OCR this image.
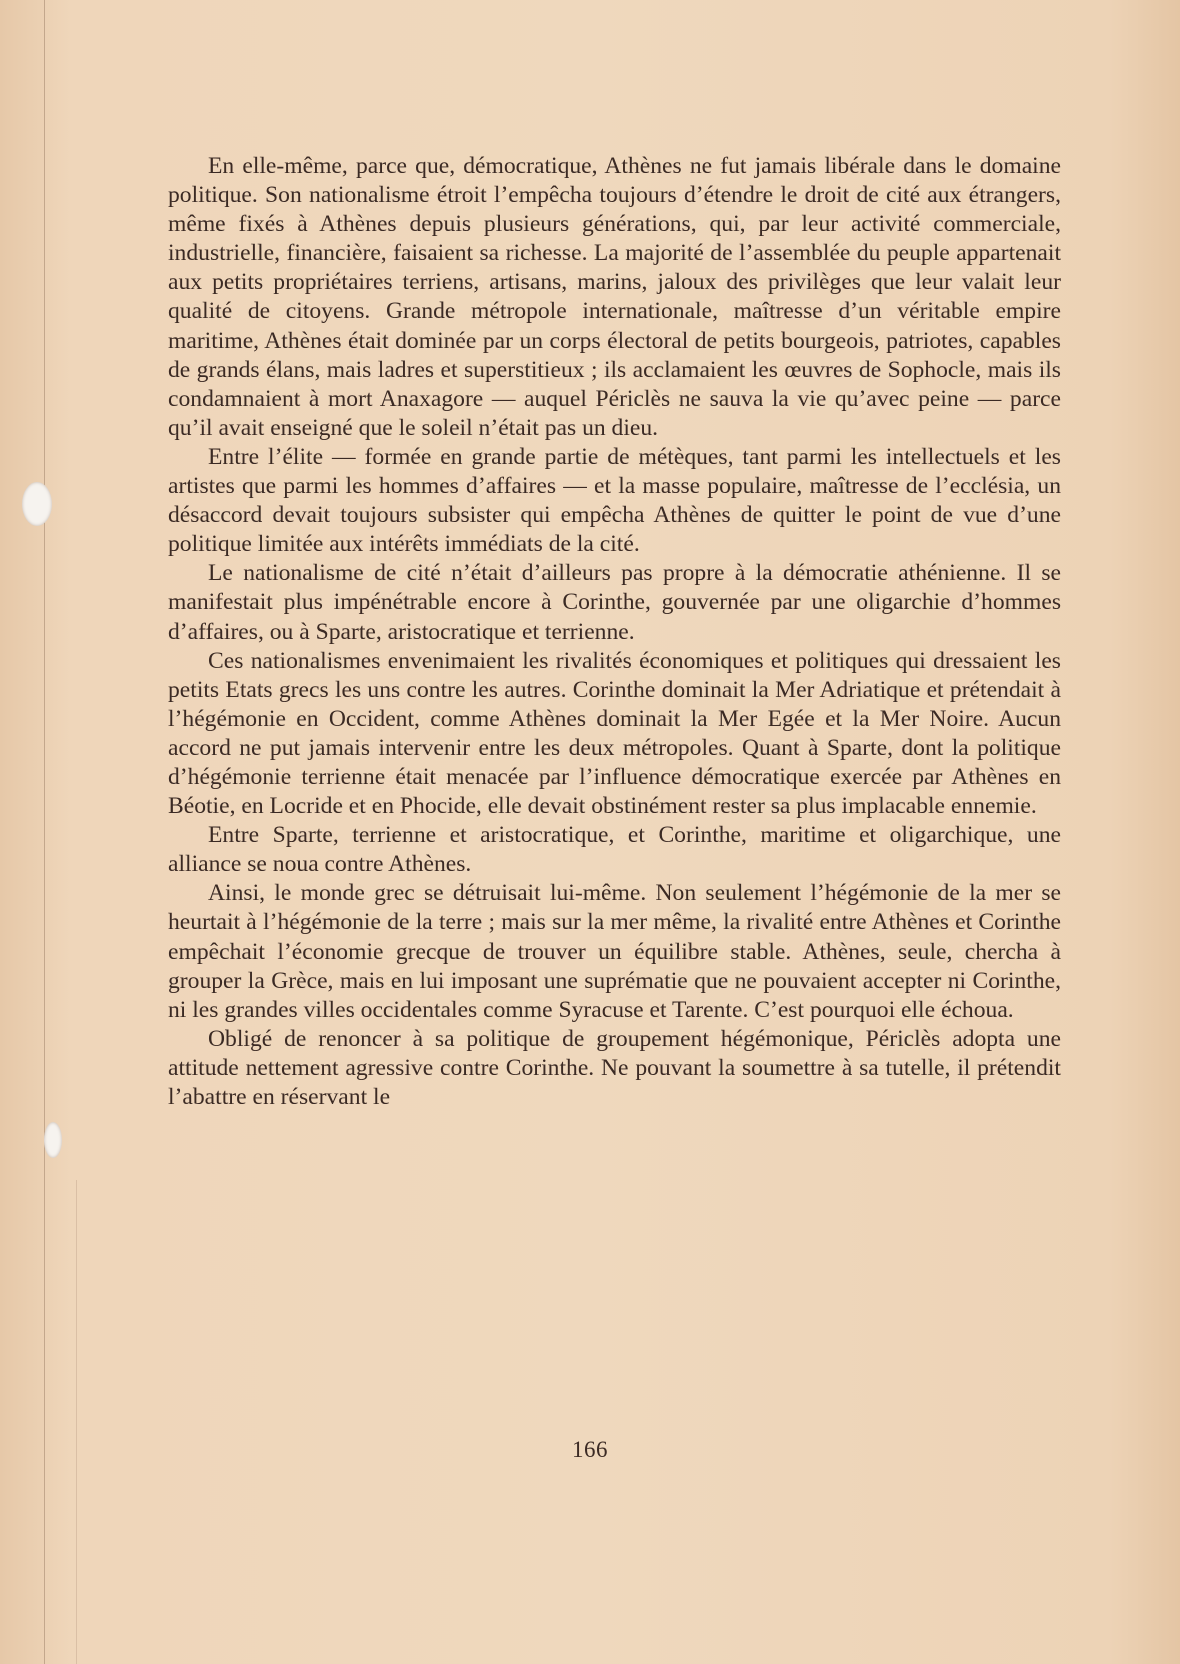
En elle-même, parce que, démocratique, Athènes ne fut jamais libérale dans le domaine politique. Son nationalisme étroit l’empêcha toujours d’étendre le droit de cité aux étrangers, même fixés à Athènes depuis plusieurs générations, qui, par leur activité commerciale, industrielle, financière, faisaient sa richesse. La majorité de l’assemblée du peuple appartenait aux petits propriétaires terriens, artisans, marins, jaloux des privilèges que leur valait leur qualité de citoyens. Grande métropole internationale, maîtresse d’un véritable empire maritime, Athènes était dominée par un corps électoral de petits bourgeois, patriotes, capables de grands élans, mais ladres et superstitieux ; ils acclamaient les œuvres de Sophocle, mais ils condamnaient à mort Anaxagore — auquel Périclès ne sauva la vie qu’avec peine — parce qu’il avait enseigné que le soleil n’était pas un dieu.

Entre l’élite — formée en grande partie de métèques, tant parmi les intellectuels et les artistes que parmi les hommes d’affaires — et la masse populaire, maîtresse de l’ecclésia, un désaccord devait toujours subsister qui empêcha Athènes de quitter le point de vue d’une politique limitée aux intérêts immédiats de la cité.

Le nationalisme de cité n’était d’ailleurs pas propre à la démocratie athénienne. Il se manifestait plus impénétrable encore à Corinthe, gouvernée par une oligarchie d’hommes d’affaires, ou à Sparte, aristocratique et terrienne.

Ces nationalismes envenimaient les rivalités économiques et politiques qui dressaient les petits Etats grecs les uns contre les autres. Corinthe dominait la Mer Adriatique et prétendait à l’hégémonie en Occident, comme Athènes dominait la Mer Egée et la Mer Noire. Aucun accord ne put jamais intervenir entre les deux métropoles. Quant à Sparte, dont la politique d’hégémonie terrienne était menacée par l’influence démocratique exercée par Athènes en Béotie, en Locride et en Phocide, elle devait obstinément rester sa plus implacable ennemie.

Entre Sparte, terrienne et aristocratique, et Corinthe, maritime et oligarchique, une alliance se noua contre Athènes.

Ainsi, le monde grec se détruisait lui-même. Non seulement l’hégémonie de la mer se heurtait à l’hégémonie de la terre ; mais sur la mer même, la rivalité entre Athènes et Corinthe empêchait l’économie grecque de trouver un équilibre stable. Athènes, seule, chercha à grouper la Grèce, mais en lui imposant une suprématie que ne pouvaient accepter ni Corinthe, ni les grandes villes occidentales comme Syracuse et Tarente. C’est pourquoi elle échoua.

Obligé de renoncer à sa politique de groupement hégémonique, Périclès adopta une attitude nettement agressive contre Corinthe. Ne pouvant la soumettre à sa tutelle, il prétendit l’abattre en réservant le

166
